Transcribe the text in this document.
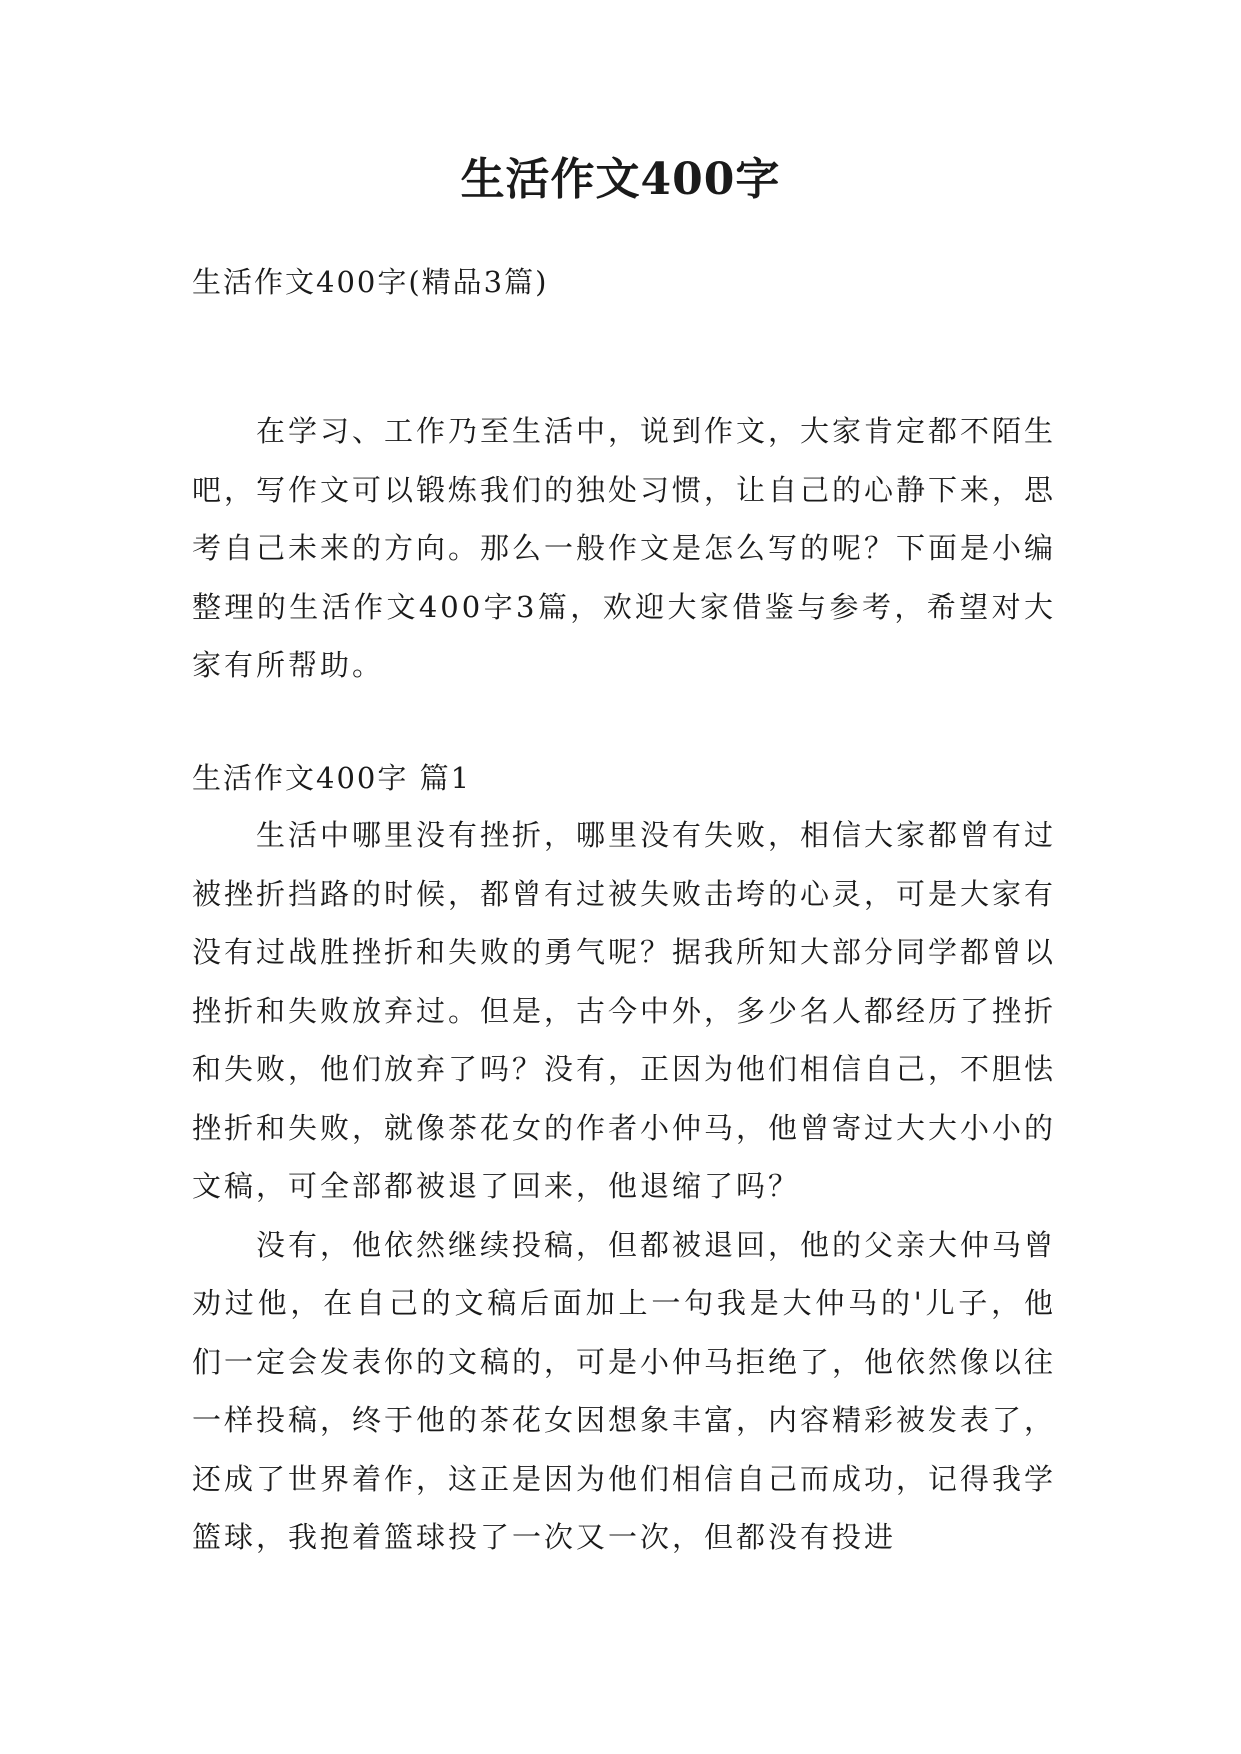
生活作文400字
生活作文400字(精品3篇)

在学习、工作乃至生活中，说到作文，大家肯定都不陌生吧，写作文可以锻炼我们的独处习惯，让自己的心静下来，思考自己未来的方向。那么一般作文是怎么写的呢？下面是小编整理的生活作文400字3篇，欢迎大家借鉴与参考，希望对大家有所帮助。

生活作文400字 篇1

生活中哪里没有挫折，哪里没有失败，相信大家都曾有过被挫折挡路的时候，都曾有过被失败击垮的心灵，可是大家有没有过战胜挫折和失败的勇气呢？据我所知大部分同学都曾以挫折和失败放弃过。但是，古今中外，多少名人都经历了挫折和失败，他们放弃了吗？没有，正因为他们相信自己，不胆怯挫折和失败，就像茶花女的作者小仲马，他曾寄过大大小小的文稿，可全部都被退了回来，他退缩了吗？

没有，他依然继续投稿，但都被退回，他的父亲大仲马曾劝过他，在自己的文稿后面加上一句我是大仲马的'儿子，他们一定会发表你的文稿的，可是小仲马拒绝了，他依然像以往一样投稿，终于他的茶花女因想象丰富，内容精彩被发表了，还成了世界着作，这正是因为他们相信自己而成功，记得我学篮球，我抱着篮球投了一次又一次，但都没有投进
